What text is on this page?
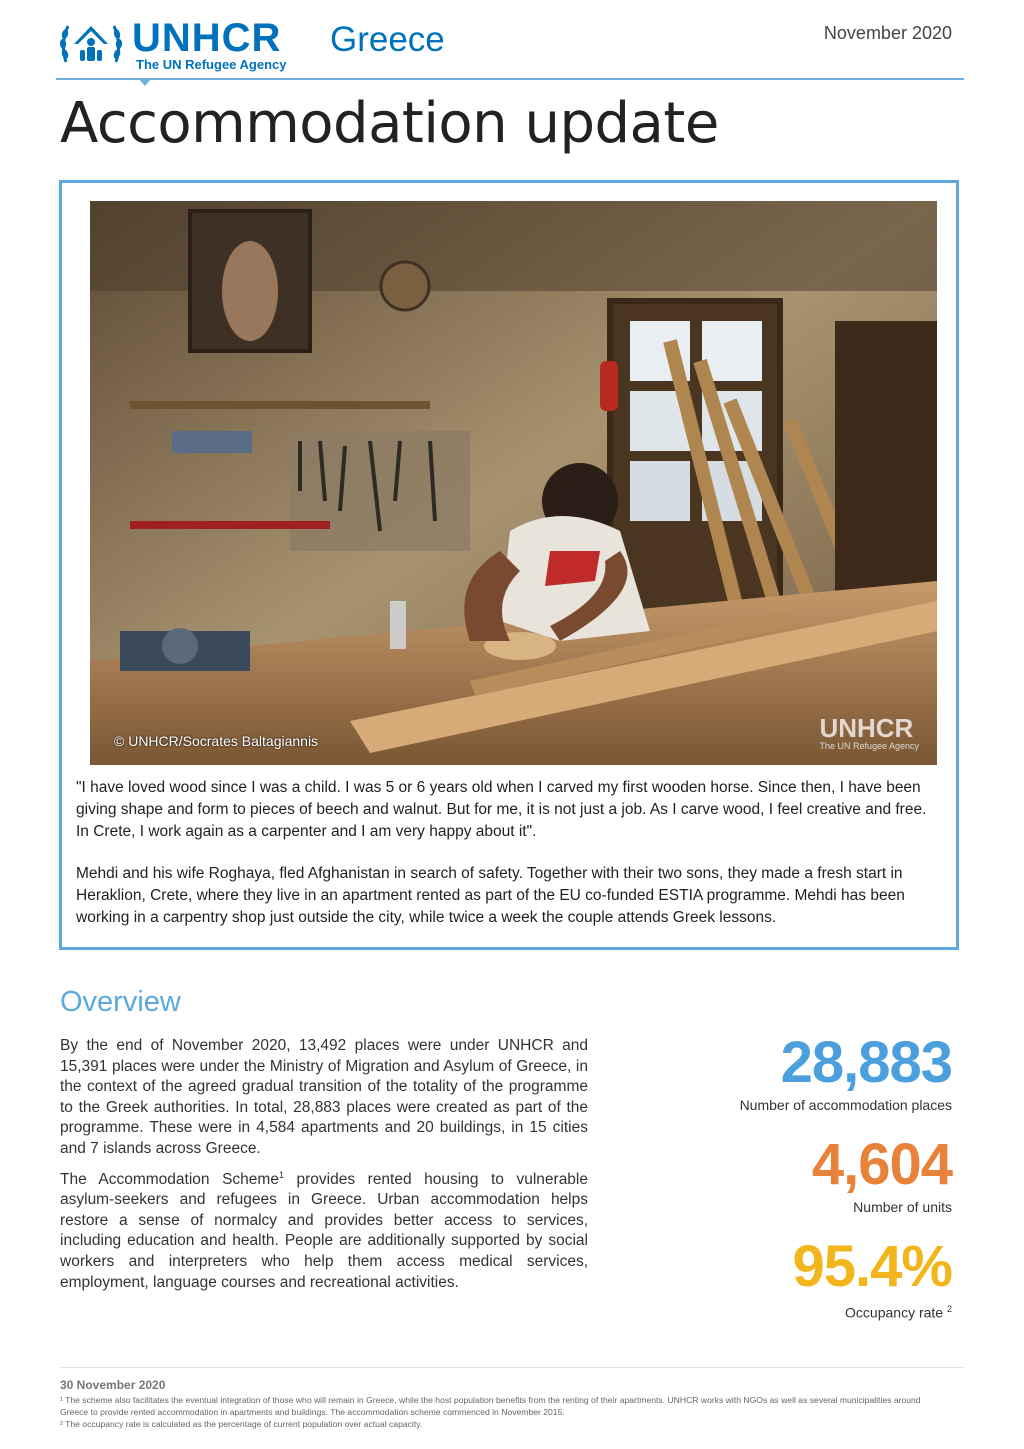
UNHCR
The UN Refugee Agency
Greece	November 2020
Accommodation update
© UNHCR/Socrates Baltagiannis	UNHCR
The UN Refugee Agency

"I have loved wood since I was a child. I was 5 or 6 years old when I carved my first wooden horse. Since then, I have been giving shape and form to pieces of beech and walnut. But for me, it is not just a job. As I carve wood, I feel creative and free. In Crete, I work again as a carpenter and I am very happy about it".

Mehdi and his wife Roghaya, fled Afghanistan in search of safety. Together with their two sons, they made a fresh start in Heraklion, Crete, where they live in an apartment rented as part of the EU co-funded ESTIA programme. Mehdi has been working in a carpentry shop just outside the city, while twice a week the couple attends Greek lessons.

Overview

By the end of November 2020, 13,492 places were under UNHCR and 15,391 places were under the Ministry of Migration and Asylum of Greece, in the context of the agreed gradual transition of the totality of the programme to the Greek authorities. In total, 28,883 places were created as part of the programme. These were in 4,584 apartments and 20 buildings, in 15 cities and 7 islands across Greece.

The Accommodation Scheme$^1$ provides rented housing to vulnerable asylum-seekers and refugees in Greece. Urban accommodation helps restore a sense of normalcy and provides better access to services, including education and health. People are additionally supported by social workers and interpreters who help them access medical services, employment, language courses and recreational activities.

28,883
Number of accommodation places
4,604
Number of units
95.4%
Occupancy rate $^2$
30 November 2020

¹ The scheme also facilitates the eventual integration of those who will remain in Greece, while the host population benefits from the renting of their apartments. UNHCR works with NGOs as well as several municipalities around Greece to provide rented accommodation in apartments and buildings. The accommodation scheme commenced in November 2015.

² The occupancy rate is calculated as the percentage of current population over actual capacity.
